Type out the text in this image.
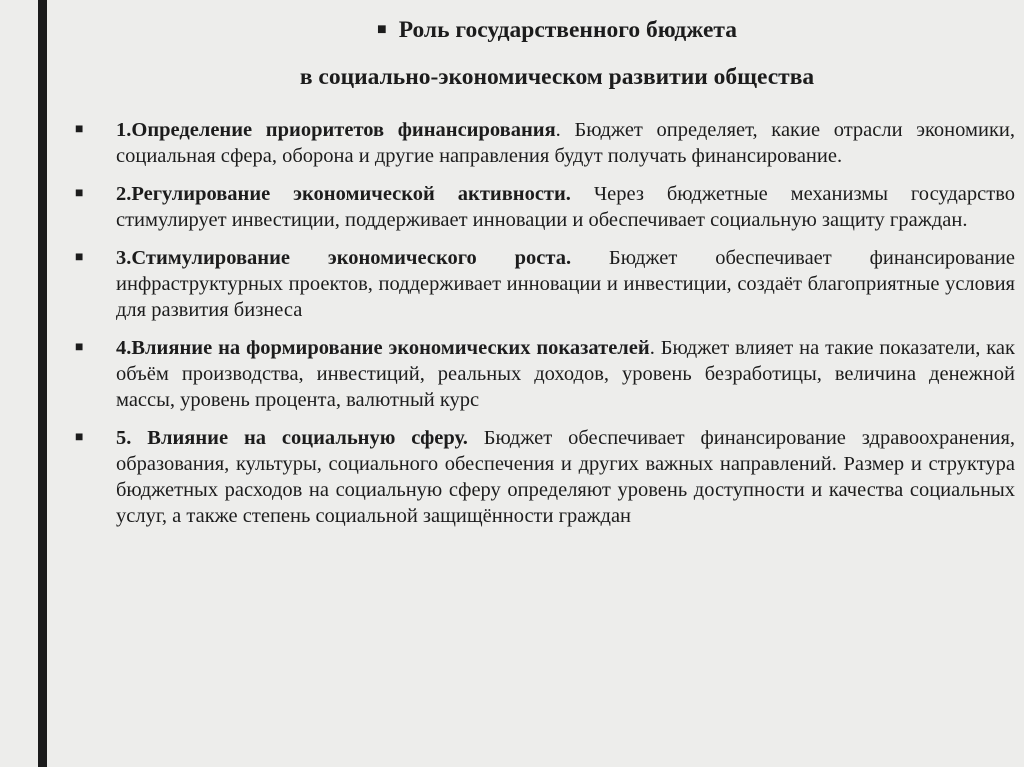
■ Роль государственного бюджета
в социально-экономическом развитии общества
■ 1.Определение приоритетов финансирования. Бюджет определяет, какие отрасли экономики, социальная сфера, оборона и другие направления будут получать финансирование.
■ 2.Регулирование экономической активности. Через бюджетные механизмы государство стимулирует инвестиции, поддерживает инновации и обеспечивает социальную защиту граждан.
■ 3.Стимулирование экономического роста. Бюджет обеспечивает финансирование инфраструктурных проектов, поддерживает инновации и инвестиции, создаёт благоприятные условия для развития бизнеса
■ 4.Влияние на формирование экономических показателей. Бюджет влияет на такие показатели, как объём производства, инвестиций, реальных доходов, уровень безработицы, величина денежной массы, уровень процента, валютный курс
■ 5. Влияние на социальную сферу. Бюджет обеспечивает финансирование здравоохранения, образования, культуры, социального обеспечения и других важных направлений. Размер и структура бюджетных расходов на социальную сферу определяют уровень доступности и качества социальных услуг, а также степень социальной защищённости граждан
